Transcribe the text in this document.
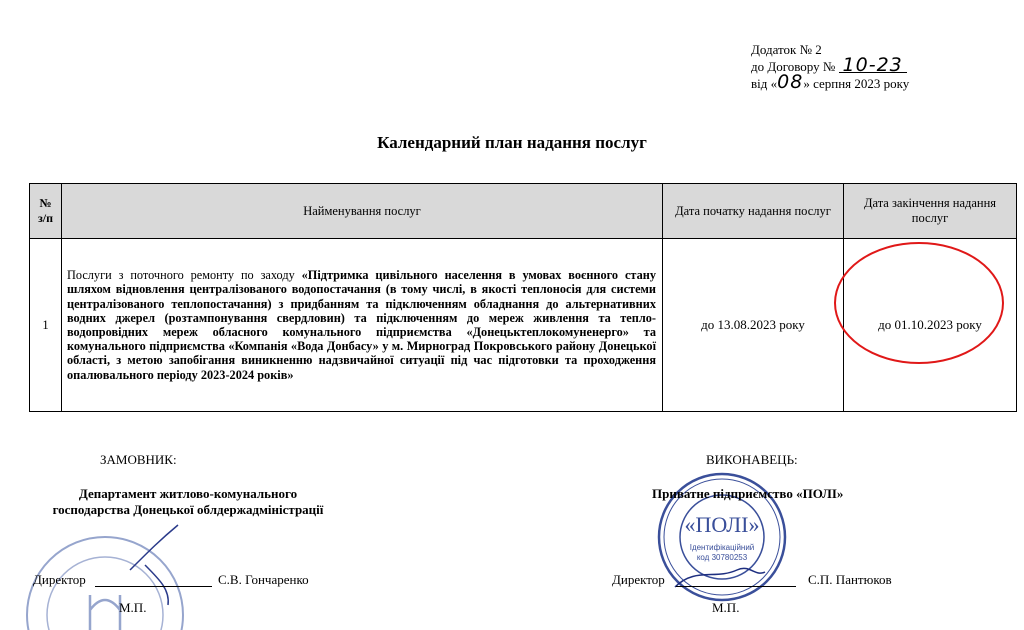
Додаток № 2
до Договору № 10-23
від «08» серпня 2023 року
Календарний план надання послуг
№
з/п	Найменування послуг	Дата початку надання послуг	Дата закінчення надання послуг
1	Послуги з поточного ремонту по заходу «Підтримка цивільного населення в умовах воєнного стану шляхом відновлення централізованого водопостачання (в тому числі, в якості теплоносія для системи централізованого теплопостачання) з придбанням та підключенням обладнання до альтернативних водних джерел (розтампонування свердловин) та підключенням до мереж живлення та тепло-водопровідних мереж обласного комунального підприємства «Донецьктеплокомуненерго» та комунального підприємства «Компанія «Вода Донбасу» у м. Мирноград Покровського району Донецької області, з метою запобігання виникненню надзвичайної ситуації під час підготовки та проходження опалювального періоду 2023-2024 років»	до 13.08.2023 року	до 01.10.2023 року
«ПОЛІ»
Ідентифікаційний
код 30780253
ЗАМОВНИК:	ВИКОНАВЕЦЬ:
Департамент житлово-комунального
господарства Донецької облдержадміністрації
Приватне підприємство «ПОЛІ»
Директор	С.В. Гончаренко
М.П.
Директор	С.П. Пантюков
М.П.
